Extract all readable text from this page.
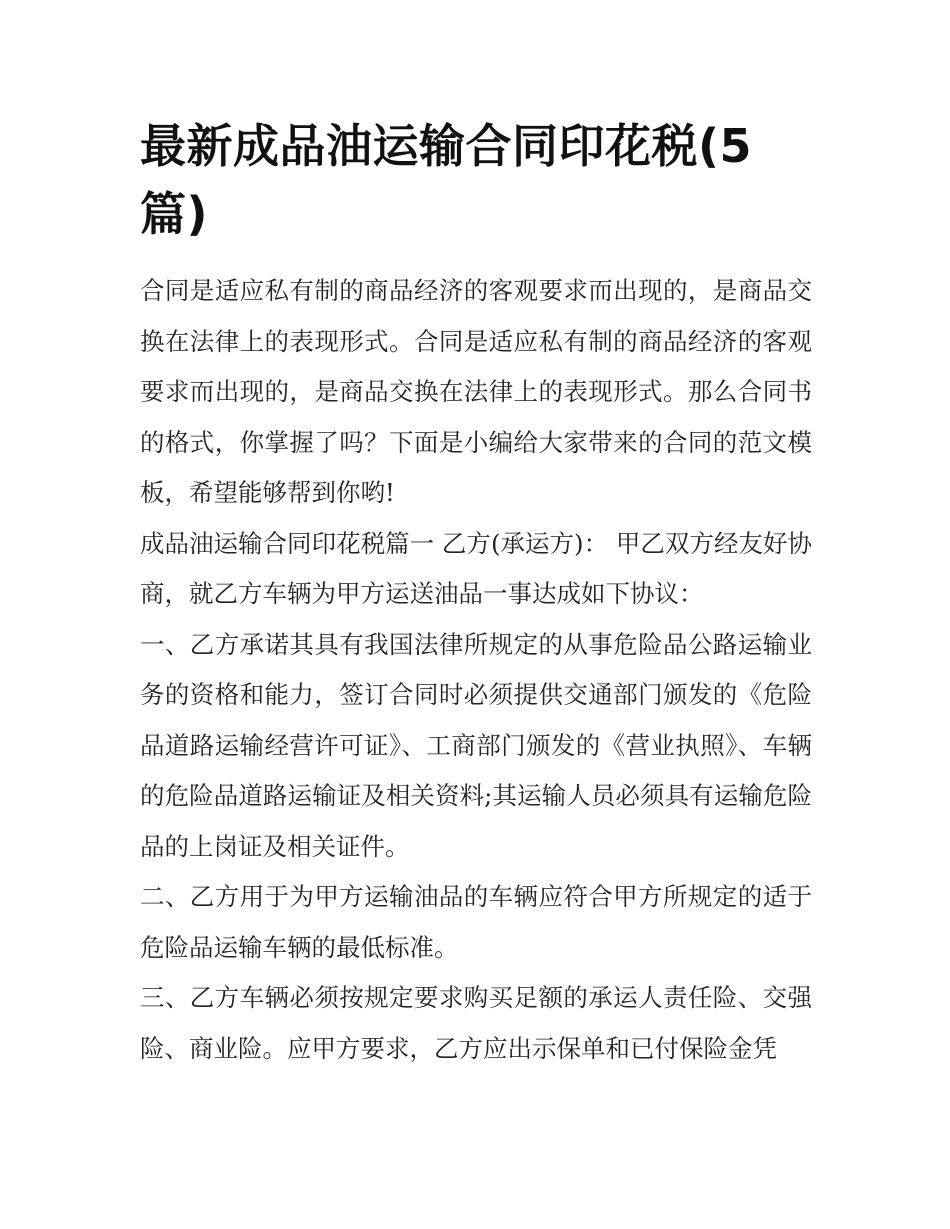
最新成品油运输合同印花税(5篇)

合同是适应私有制的商品经济的客观要求而出现的，是商品交换在法律上的表现形式。合同是适应私有制的商品经济的客观要求而出现的，是商品交换在法律上的表现形式。那么合同书的格式，你掌握了吗？下面是小编给大家带来的合同的范文模板，希望能够帮到你哟!

成品油运输合同印花税篇一 乙方(承运方)： 甲乙双方经友好协商，就乙方车辆为甲方运送油品一事达成如下协议：

一、乙方承诺其具有我国法律所规定的从事危险品公路运输业务的资格和能力，签订合同时必须提供交通部门颁发的《危险品道路运输经营许可证》、工商部门颁发的《营业执照》、车辆的危险品道路运输证及相关资料;其运输人员必须具有运输危险品的上岗证及相关证件。

二、乙方用于为甲方运输油品的车辆应符合甲方所规定的适于危险品运输车辆的最低标准。

三、乙方车辆必须按规定要求购买足额的承运人责任险、交强险、商业险。应甲方要求，乙方应出示保单和已付保险金凭
